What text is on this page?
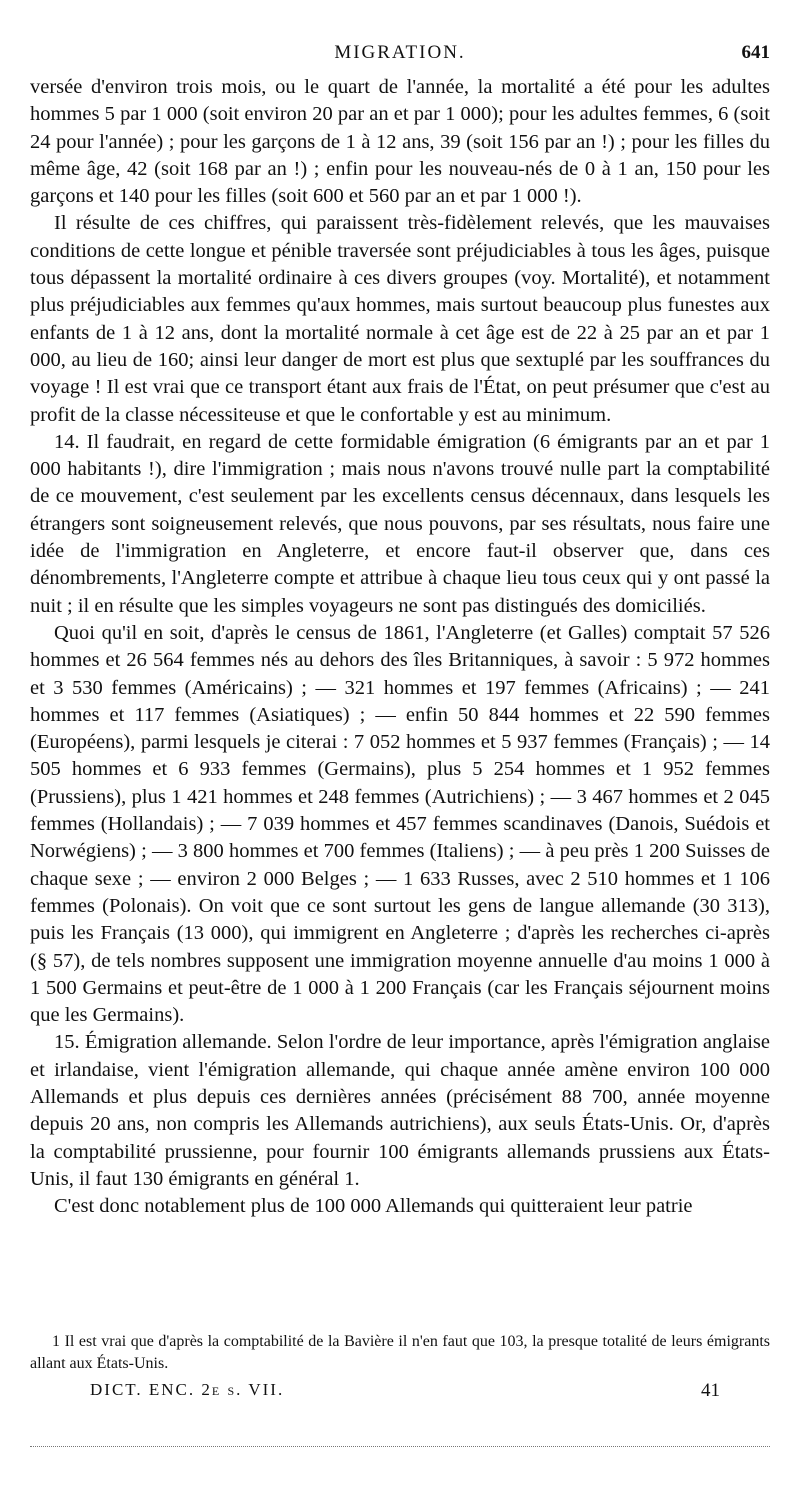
MIGRATION.	641

versée d'environ trois mois, ou le quart de l'année, la mortalité a été pour les adultes hommes 5 par 1 000 (soit environ 20 par an et par 1 000); pour les adultes femmes, 6 (soit 24 pour l'année) ; pour les garçons de 1 à 12 ans, 39 (soit 156 par an !) ; pour les filles du même âge, 42 (soit 168 par an !) ; enfin pour les nouveau-nés de 0 à 1 an, 150 pour les garçons et 140 pour les filles (soit 600 et 560 par an et par 1 000 !).

Il résulte de ces chiffres, qui paraissent très-fidèlement relevés, que les mauvaises conditions de cette longue et pénible traversée sont préjudiciables à tous les âges, puisque tous dépassent la mortalité ordinaire à ces divers groupes (voy. Mortalité), et notamment plus préjudiciables aux femmes qu'aux hommes, mais surtout beaucoup plus funestes aux enfants de 1 à 12 ans, dont la mortalité normale à cet âge est de 22 à 25 par an et par 1 000, au lieu de 160; ainsi leur danger de mort est plus que sextuplé par les souffrances du voyage ! Il est vrai que ce transport étant aux frais de l'État, on peut présumer que c'est au profit de la classe nécessiteuse et que le confortable y est au minimum.

14. Il faudrait, en regard de cette formidable émigration (6 émigrants par an et par 1 000 habitants !), dire l'immigration ; mais nous n'avons trouvé nulle part la comptabilité de ce mouvement, c'est seulement par les excellents census décennaux, dans lesquels les étrangers sont soigneusement relevés, que nous pouvons, par ses résultats, nous faire une idée de l'immigration en Angleterre, et encore faut-il observer que, dans ces dénombrements, l'Angleterre compte et attribue à chaque lieu tous ceux qui y ont passé la nuit ; il en résulte que les simples voyageurs ne sont pas distingués des domiciliés.

Quoi qu'il en soit, d'après le census de 1861, l'Angleterre (et Galles) comptait 57 526 hommes et 26 564 femmes nés au dehors des îles Britanniques, à savoir : 5 972 hommes et 3 530 femmes (Américains) ; — 321 hommes et 197 femmes (Africains) ; — 241 hommes et 117 femmes (Asiatiques) ; — enfin 50 844 hommes et 22 590 femmes (Européens), parmi lesquels je citerai : 7 052 hommes et 5 937 femmes (Français) ; — 14 505 hommes et 6 933 femmes (Germains), plus 5 254 hommes et 1 952 femmes (Prussiens), plus 1 421 hommes et 248 femmes (Autrichiens) ; — 3 467 hommes et 2 045 femmes (Hollandais) ; — 7 039 hommes et 457 femmes scandinaves (Danois, Suédois et Norwégiens) ; — 3 800 hommes et 700 femmes (Italiens) ; — à peu près 1 200 Suisses de chaque sexe ; — environ 2 000 Belges ; — 1 633 Russes, avec 2 510 hommes et 1 106 femmes (Polonais). On voit que ce sont surtout les gens de langue allemande (30 313), puis les Français (13 000), qui immigrent en Angleterre ; d'après les recherches ci-après (§ 57), de tels nombres supposent une immigration moyenne annuelle d'au moins 1 000 à 1 500 Germains et peut-être de 1 000 à 1 200 Français (car les Français séjournent moins que les Germains).

15. Émigration allemande. Selon l'ordre de leur importance, après l'émigration anglaise et irlandaise, vient l'émigration allemande, qui chaque année amène environ 100 000 Allemands et plus depuis ces dernières années (précisément 88 700, année moyenne depuis 20 ans, non compris les Allemands autrichiens), aux seuls États-Unis. Or, d'après la comptabilité prussienne, pour fournir 100 émigrants allemands prussiens aux États-Unis, il faut 130 émigrants en général 1.

C'est donc notablement plus de 100 000 Allemands qui quitteraient leur patrie

1 Il est vrai que d'après la comptabilité de la Bavière il n'en faut que 103, la presque totalité de leurs émigrants allant aux États-Unis.
DICT. ENC. 2e s. VII.	41
